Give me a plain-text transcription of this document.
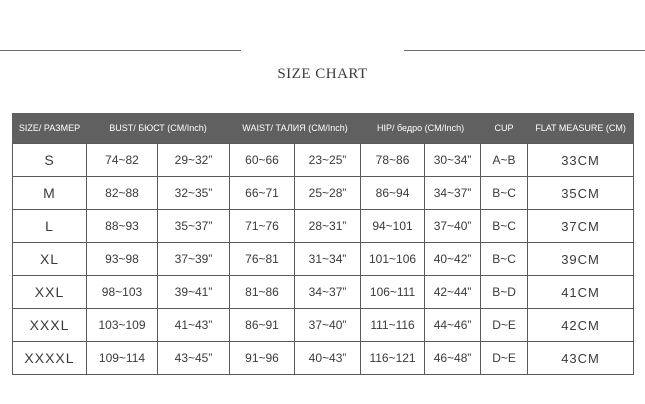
SIZE CHART
SIZE/ РАЗМЕР	BUST/ БЮСТ (CM/Inch)		WAIST/ ТАЛИЯ (CM/Inch)		HIP/ бедро (CM/Inch)		CUP	FLAT MEASURE (CM)
S	74~82	29~32”	60~66	23~25”	78~86	30~34”	A~B	33CM
M	82~88	32~35”	66~71	25~28”	86~94	34~37”	B~C	35CM
L	88~93	35~37”	71~76	28~31”	94~101	37~40”	B~C	37CM
XL	93~98	37~39”	76~81	31~34”	101~106	40~42”	B~C	39CM
XXL	98~103	39~41”	81~86	34~37”	106~111	42~44”	B~D	41CM
XXXL	103~109	41~43”	86~91	37~40”	111~116	44~46”	D~E	42CM
XXXXL	109~114	43~45”	91~96	40~43”	116~121	46~48”	D~E	43CM
